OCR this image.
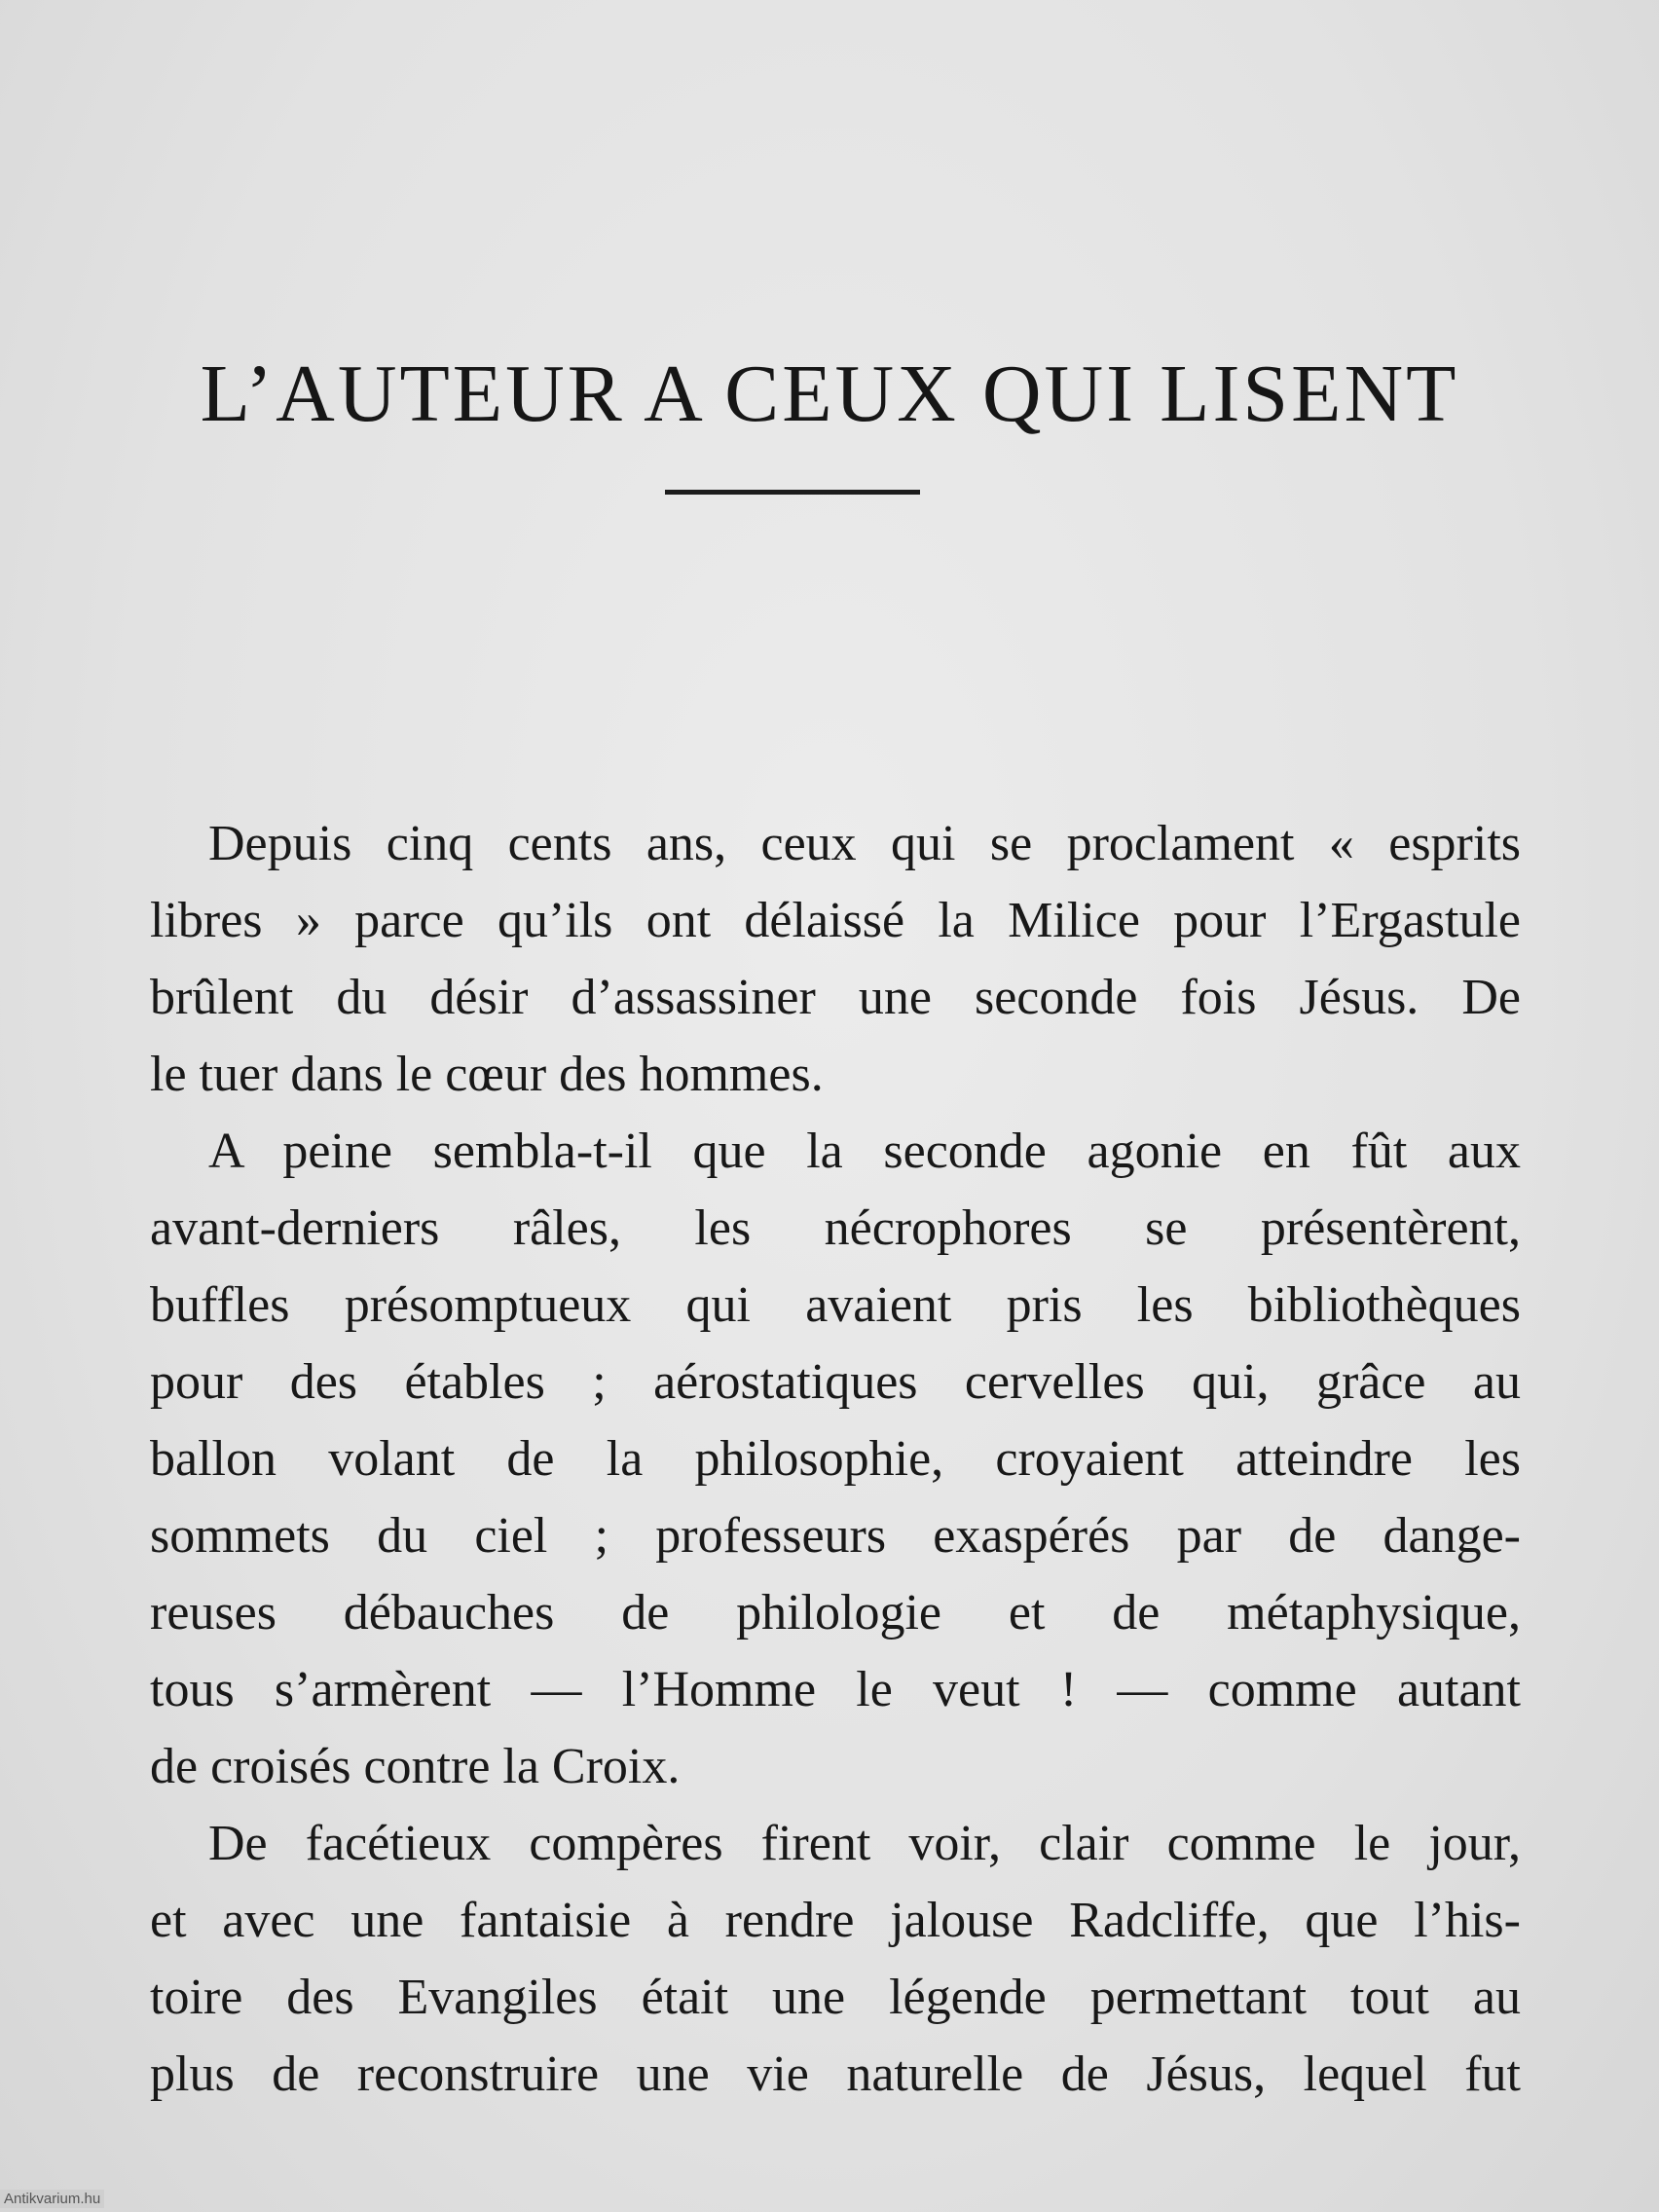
L’AUTEUR A CEUX QUI LISENT
Depuis cinq cents ans, ceux qui se proclament « esprits
libres » parce qu’ils ont délaissé la Milice pour l’Ergastule
brûlent du désir d’assassiner une seconde fois Jésus. De
le tuer dans le cœur des hommes.
A peine sembla-t-il que la seconde agonie en fût aux
avant-derniers râles, les nécrophores se présentèrent,
buffles présomptueux qui avaient pris les bibliothèques
pour des étables ; aérostatiques cervelles qui, grâce au
ballon volant de la philosophie, croyaient atteindre les
sommets du ciel ; professeurs exaspérés par de dange-
reuses débauches de philologie et de métaphysique,
tous s’armèrent — l’Homme le veut ! — comme autant
de croisés contre la Croix.
De facétieux compères firent voir, clair comme le jour,
et avec une fantaisie à rendre jalouse Radcliffe, que l’his-
toire des Evangiles était une légende permettant tout au
plus de reconstruire une vie naturelle de Jésus, lequel fut
Antikvarium.hu
